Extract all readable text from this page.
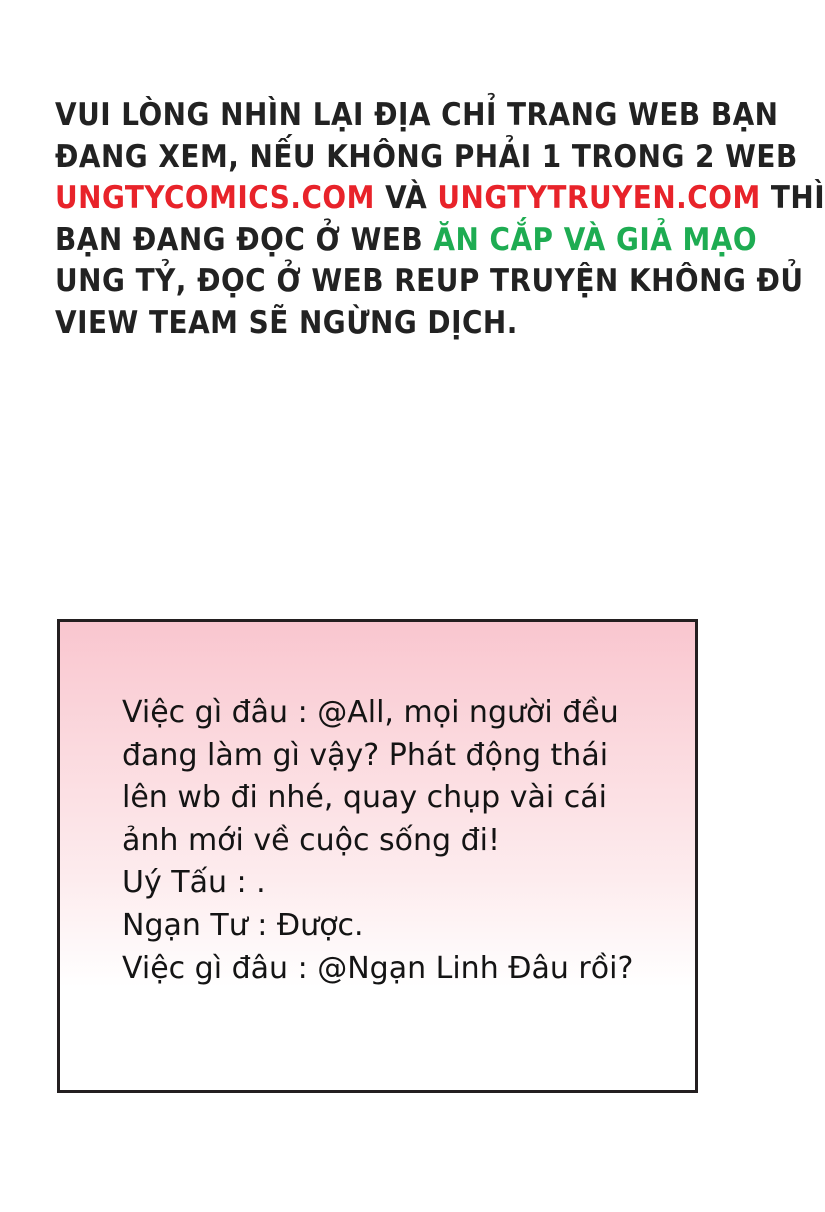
VUI LÒNG NHÌN LẠI ĐỊA CHỈ TRANG WEB BẠN
ĐANG XEM, NẾU KHÔNG PHẢI 1 TRONG 2 WEB
UNGTYCOMICS.COM VÀ UNGTYTRUYEN.COM THÌ
BẠN ĐANG ĐỌC Ở WEB ĂN CẮP VÀ GIẢ MẠO
UNG TỶ, ĐỌC Ở WEB REUP TRUYỆN KHÔNG ĐỦ
VIEW TEAM SẼ NGỪNG DỊCH.

Việc gì đâu : @All, mọi người đều

đang làm gì vậy? Phát động thái

lên wb đi nhé, quay chụp vài cái

ảnh mới về cuộc sống đi!

Uý Tấu : .

Ngạn Tư : Được.

Việc gì đâu : @Ngạn Linh Đâu rồi?
